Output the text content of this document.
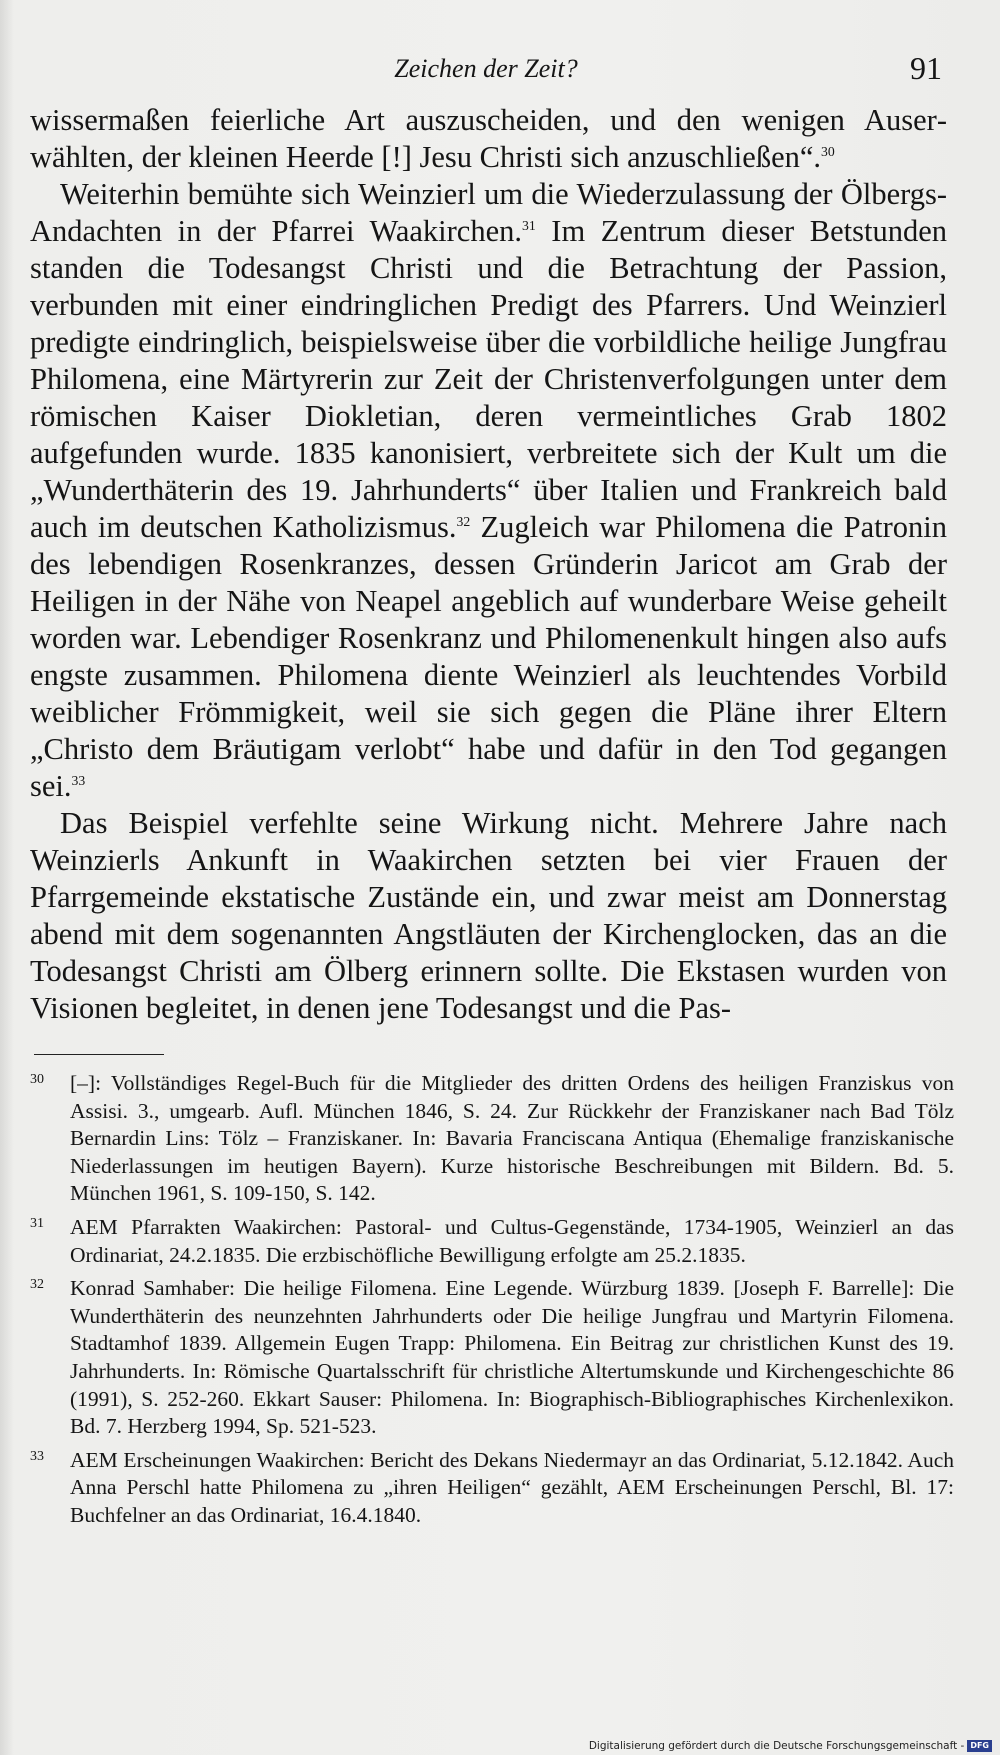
Zeichen der Zeit?	91

wissermaßen feierliche Art auszuscheiden, und den wenigen Auserwählten, der kleinen Heerde [!] Jesu Christi sich anzuschließen“.$^{30}$

Weiterhin bemühte sich Weinzierl um die Wiederzulassung der Ölbergs-Andachten in der Pfarrei Waakirchen.$^{31}$ Im Zentrum dieser Betstunden standen die Todesangst Christi und die Betrachtung der Passion, verbunden mit einer eindringlichen Predigt des Pfarrers. Und Weinzierl predigte eindringlich, beispielsweise über die vorbildliche heilige Jungfrau Philomena, eine Märtyrerin zur Zeit der Christenverfolgungen unter dem römischen Kaiser Diokletian, deren vermeintliches Grab 1802 aufgefunden wurde. 1835 kanonisiert, verbreitete sich der Kult um die „Wunderthäterin des 19. Jahrhunderts“ über Italien und Frankreich bald auch im deutschen Katholizismus.$^{32}$ Zugleich war Philomena die Patronin des lebendigen Rosenkranzes, dessen Gründerin Jaricot am Grab der Heiligen in der Nähe von Neapel angeblich auf wunderbare Weise geheilt worden war. Lebendiger Rosenkranz und Philomenenkult hingen also aufs engste zusammen. Philomena diente Weinzierl als leuchtendes Vorbild weiblicher Frömmigkeit, weil sie sich gegen die Pläne ihrer Eltern „Christo dem Bräutigam verlobt“ habe und dafür in den Tod gegangen sei.$^{33}$

Das Beispiel verfehlte seine Wirkung nicht. Mehrere Jahre nach Weinzierls Ankunft in Waakirchen setzten bei vier Frauen der Pfarrgemeinde ekstatische Zustände ein, und zwar meist am Donnerstag abend mit dem sogenannten Angstläuten der Kirchenglocken, das an die Todesangst Christi am Ölberg erinnern sollte. Die Ekstasen wurden von Visionen begleitet, in denen jene Todesangst und die Pas-

30 [–]: Vollständiges Regel-Buch für die Mitglieder des dritten Ordens des heiligen Franziskus von Assisi. 3., umgearb. Aufl. München 1846, S. 24. Zur Rückkehr der Franziskaner nach Bad Tölz Bernardin Lins: Tölz – Franziskaner. In: Bavaria Franciscana Antiqua (Ehemalige franziskanische Niederlassungen im heutigen Bayern). Kurze historische Beschreibungen mit Bildern. Bd. 5. München 1961, S. 109-150, S. 142.
31 AEM Pfarrakten Waakirchen: Pastoral- und Cultus-Gegenstände, 1734-1905, Weinzierl an das Ordinariat, 24.2.1835. Die erzbischöfliche Bewilligung erfolgte am 25.2.1835.
32 Konrad Samhaber: Die heilige Filomena. Eine Legende. Würzburg 1839. [Joseph F. Barrelle]: Die Wunderthäterin des neunzehnten Jahrhunderts oder Die heilige Jungfrau und Martyrin Filomena. Stadtamhof 1839. Allgemein Eugen Trapp: Philomena. Ein Beitrag zur christlichen Kunst des 19. Jahrhunderts. In: Römische Quartalsschrift für christliche Altertumskunde und Kirchengeschichte 86 (1991), S. 252-260. Ekkart Sauser: Philomena. In: Biographisch-Bibliographisches Kirchenlexikon. Bd. 7. Herzberg 1994, Sp. 521-523.
33 AEM Erscheinungen Waakirchen: Bericht des Dekans Niedermayr an das Ordinariat, 5.12.1842. Auch Anna Perschl hatte Philomena zu „ihren Heiligen“ gezählt, AEM Erscheinungen Perschl, Bl. 17: Buchfelner an das Ordinariat, 16.4.1840.
Digitalisierung gefördert durch die Deutsche Forschungsgemeinschaft - DFG
